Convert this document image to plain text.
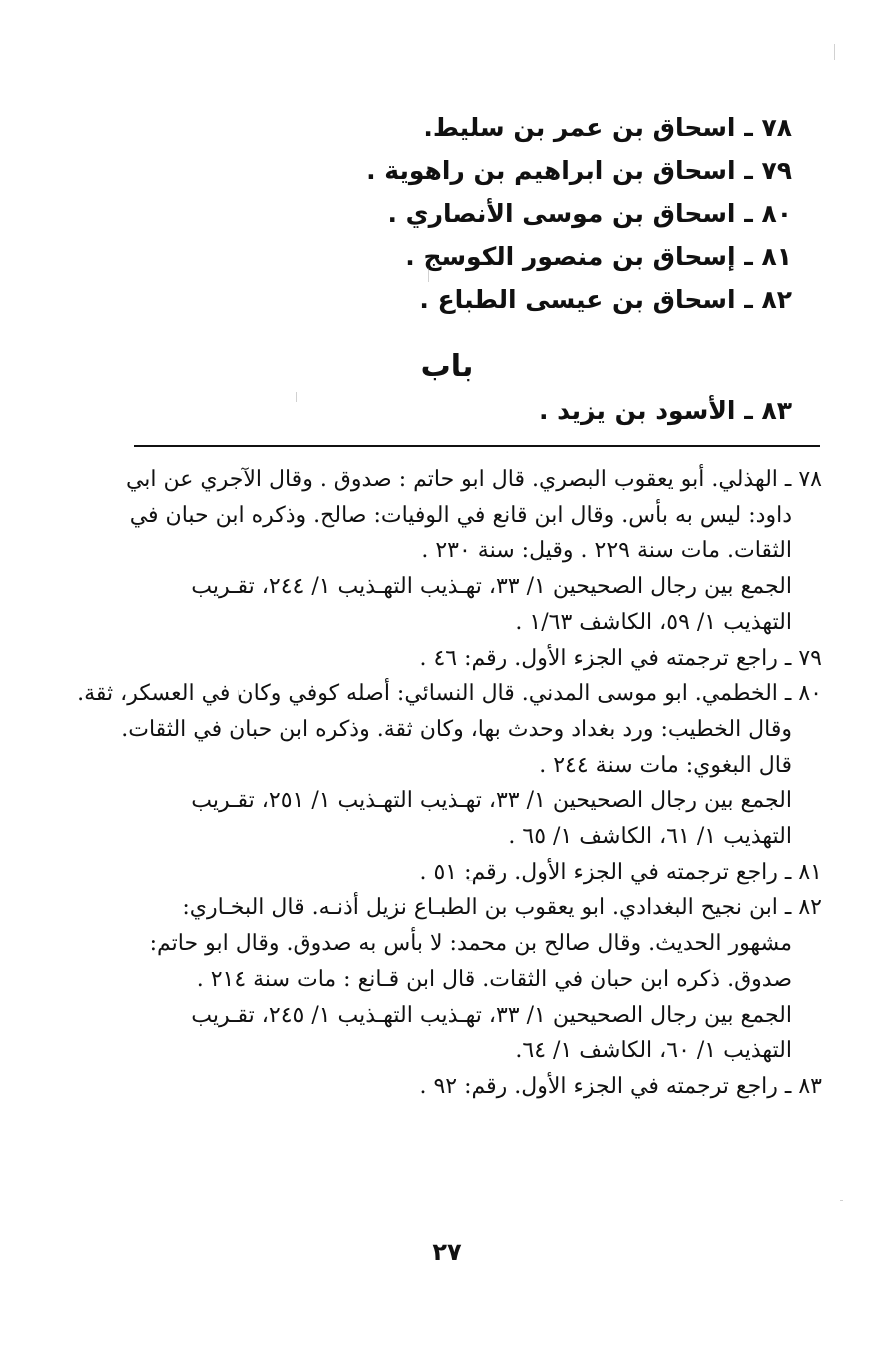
٧٨ ـ اسحاق بن عمر بن سليط.
٧٩ ـ اسحاق بن ابراهيم بن راهوية .
٨٠ ـ اسحاق بن موسى الأنصاري .
٨١ ـ إسحاق بن منصور الكوسج .
٨٢ ـ اسحاق بن عيسى الطباع .
باب
٨٣ ـ الأسود بن يزيد .

٧٨ ـ الهذلي. أبو يعقوب البصري. قال ابو حاتم : صدوق . وقال الآجري عن ابي

داود: ليس به بأس. وقال ابن قانع في الوفيات: صالح. وذكره ابن حبان في

الثقات. مات سنة ٢٢٩ . وقيل: سنة ٢٣٠ .

الجمع بين رجال الصحيحين ١/ ٣٣، تهـذيب التهـذيب ١/ ٢٤٤، تقـريب

التهذيب ١/ ٥٩، الكاشف ١/٦٣ .

٧٩ ـ راجع ترجمته في الجزء الأول. رقم: ٤٦ .

٨٠ ـ الخطمي. ابو موسى المدني. قال النسائي: أصله كوفي وكان في العسكر، ثقة.

وقال الخطيب: ورد بغداد وحدث بها، وكان ثقة. وذكره ابن حبان في الثقات.

قال البغوي: مات سنة ٢٤٤ .

الجمع بين رجال الصحيحين ١/ ٣٣، تهـذيب التهـذيب ١/ ٢٥١، تقـريب

التهذيب ١/ ٦١، الكاشف ١/ ٦٥ .

٨١ ـ راجع ترجمته في الجزء الأول. رقم: ٥١ .

٨٢ ـ ابن نجيح البغدادي. ابو يعقوب بن الطبـاع نزيل أذنـه. قال البخـاري:

مشهور الحديث. وقال صالح بن محمد: لا بأس به صدوق. وقال ابو حاتم:

صدوق. ذكره ابن حبان في الثقات. قال ابن قـانع : مات سنة ٢١٤ .

الجمع بين رجال الصحيحين ١/ ٣٣، تهـذيب التهـذيب ١/ ٢٤٥، تقـريب

التهذيب ١/ ٦٠، الكاشف ١/ ٦٤.

٨٣ ـ راجع ترجمته في الجزء الأول. رقم: ٩٢ .

٢٧
